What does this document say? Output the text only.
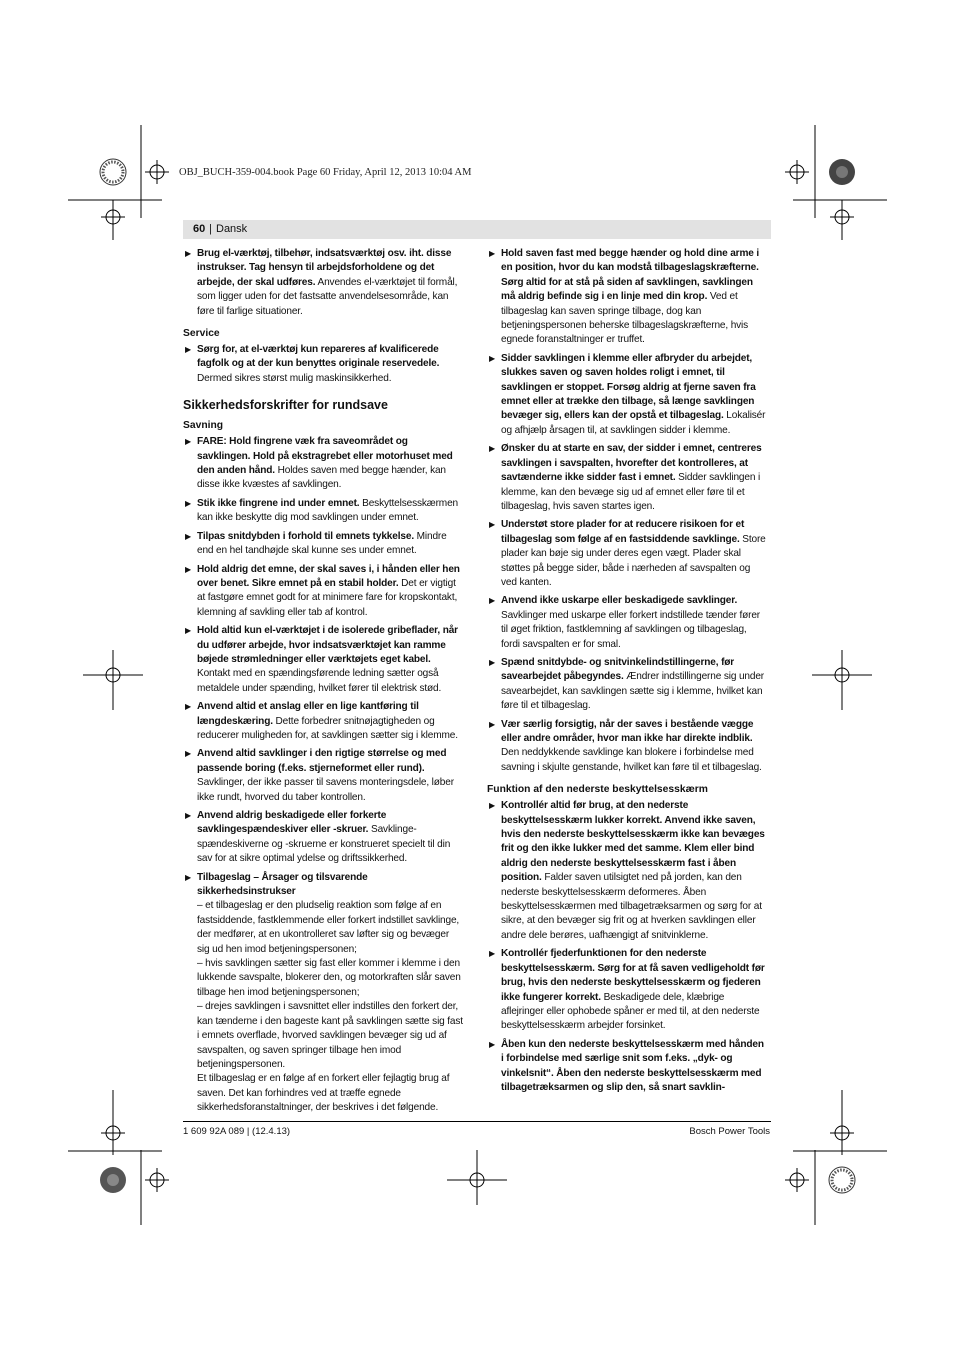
OBJ_BUCH-359-004.book Page 60 Friday, April 12, 2013 10:04 AM
60 | Dansk
▶ Brug el-værktøj, tilbehør, indsatsværktøj osv. iht. disse instrukser. Tag hensyn til arbejdsforholdene og det arbejde, der skal udføres. Anvendes el-værktøjet til formål, som ligger uden for det fastsatte anvendelsesområde, kan føre til farlige situationer.
Service
▶ Sørg for, at el-værktøj kun repareres af kvalificerede fagfolk og at der kun benyttes originale reservedele. Dermed sikres størst mulig maskinsikkerhed.
Sikkerhedsforskrifter for rundsave
Savning
▶ FARE: Hold fingrene væk fra saveområdet og savklingen. Hold på ekstragrebet eller motorhuset med den anden hånd. Holdes saven med begge hænder, kan disse ikke kvæstes af savklingen.
▶ Stik ikke fingrene ind under emnet. Beskyttelsesskærmen kan ikke beskytte dig mod savklingen under emnet.
▶ Tilpas snitdybden i forhold til emnets tykkelse. Mindre end en hel tandhøjde skal kunne ses under emnet.
▶ Hold aldrig det emne, der skal saves i, i hånden eller hen over benet. Sikre emnet på en stabil holder. Det er vigtigt at fastgøre emnet godt for at minimere fare for kropskontakt, klemning af savkling eller tab af kontrol.
▶ Hold altid kun el-værktøjet i de isolerede gribeflader, når du udfører arbejde, hvor indsatsværktøjet kan ramme bøjede strømledninger eller værktøjets eget kabel. Kontakt med en spændingsførende ledning sætter også metaldele under spænding, hvilket fører til elektrisk stød.
▶ Anvend altid et anslag eller en lige kantføring til længdeskæring. Dette forbedrer snitnøjagtigheden og reducerer muligheden for, at savklingen sætter sig i klemme.
▶ Anvend altid savklinger i den rigtige størrelse og med passende boring (f.eks. stjerneformet eller rund). Savklinger, der ikke passer til savens monteringsdele, løber ikke rundt, hvorved du taber kontrollen.
▶ Anvend aldrig beskadigede eller forkerte savklingespændeskiver eller -skruer. Savklinge-spændeskiverne og -skruerne er konstrueret specielt til din sav for at sikre optimal ydelse og driftssikkerhed.
▶ Tilbageslag – Årsager og tilsvarende sikkerhedsinstrukser
– et tilbageslag er den pludselig reaktion som følge af en fastsiddende, fastklemmende eller forkert indstillet savklinge, der medfører, at en ukontrolleret sav løfter sig og bevæger sig ud hen imod betjeningspersonen;
– hvis savklingen sætter sig fast eller kommer i klemme i den lukkende savspalte, blokerer den, og motorkraften slår saven tilbage hen imod betjeningspersonen;
– drejes savklingen i savsnittet eller indstilles den forkert der, kan tænderne i den bageste kant på savklingen sætte sig fast i emnets overflade, hvorved savklingen bevæger sig ud af savspalten, og saven springer tilbage hen imod betjeningspersonen.
Et tilbageslag er en følge af en forkert eller fejlagtig brug af saven. Det kan forhindres ved at træffe egnede sikkerhedsforanstaltninger, der beskrives i det følgende.
▶ Hold saven fast med begge hænder og hold dine arme i en position, hvor du kan modstå tilbageslagskræfterne. Sørg altid for at stå på siden af savklingen, savklingen må aldrig befinde sig i en linje med din krop. Ved et tilbageslag kan saven springe tilbage, dog kan betjeningspersonen beherske tilbageslagskræfterne, hvis egnede foranstaltninger er truffet.
▶ Sidder savklingen i klemme eller afbryder du arbejdet, slukkes saven og saven holdes roligt i emnet, til savklingen er stoppet. Forsøg aldrig at fjerne saven fra emnet eller at trække den tilbage, så længe savklingen bevæger sig, ellers kan der opstå et tilbageslag. Lokalisér og afhjælp årsagen til, at savklingen sidder i klemme.
▶ Ønsker du at starte en sav, der sidder i emnet, centreres savklingen i savspalten, hvorefter det kontrolleres, at savtænderne ikke sidder fast i emnet. Sidder savklingen i klemme, kan den bevæge sig ud af emnet eller føre til et tilbageslag, hvis saven startes igen.
▶ Understøt store plader for at reducere risikoen for et tilbageslag som følge af en fastsiddende savklinge. Store plader kan bøje sig under deres egen vægt. Plader skal støttes på begge sider, både i nærheden af savspalten og ved kanten.
▶ Anvend ikke uskarpe eller beskadigede savklinger. Savklinger med uskarpe eller forkert indstillede tænder fører til øget friktion, fastklemning af savklingen og tilbageslag, fordi savspalten er for smal.
▶ Spænd snitdybde- og snitvinkelindstillingerne, før savearbejdet påbegyndes. Ændrer indstillingerne sig under savearbejdet, kan savklingen sætte sig i klemme, hvilket kan føre til et tilbageslag.
▶ Vær særlig forsigtig, når der saves i bestående vægge eller andre områder, hvor man ikke har direkte indblik. Den neddykkende savklinge kan blokere i forbindelse med savning i skjulte genstande, hvilket kan føre til et tilbageslag.
Funktion af den nederste beskyttelsesskærm
▶ Kontrollér altid før brug, at den nederste beskyttelsesskærm lukker korrekt. Anvend ikke saven, hvis den nederste beskyttelsesskærm ikke kan bevæges frit og den ikke lukker med det samme. Klem eller bind aldrig den nederste beskyttelsesskærm fast i åben position. Falder saven utilsigtet ned på jorden, kan den nederste beskyttelsesskærm deformeres. Åben beskyttelsesskærmen med tilbagetræksarmen og sørg for at sikre, at den bevæger sig frit og at hverken savklingen eller andre dele berøres, uafhængigt af snitvinklerne.
▶ Kontrollér fjederfunktionen for den nederste beskyttelsesskærm. Sørg for at få saven vedligeholdt før brug, hvis den nederste beskyttelsesskærm og fjederen ikke fungerer korrekt. Beskadigede dele, klæbrige aflejringer eller ophobede spåner er med til, at den nederste beskyttelsesskærm arbejder forsinket.
▶ Åben kun den nederste beskyttelsesskærm med hånden i forbindelse med særlige snit som f.eks. „dyk- og vinkelsnit“. Åben den nederste beskyttelsesskærm med tilbagetræksarmen og slip den, så snart savklin-
1 609 92A 089 | (12.4.13)	Bosch Power Tools
